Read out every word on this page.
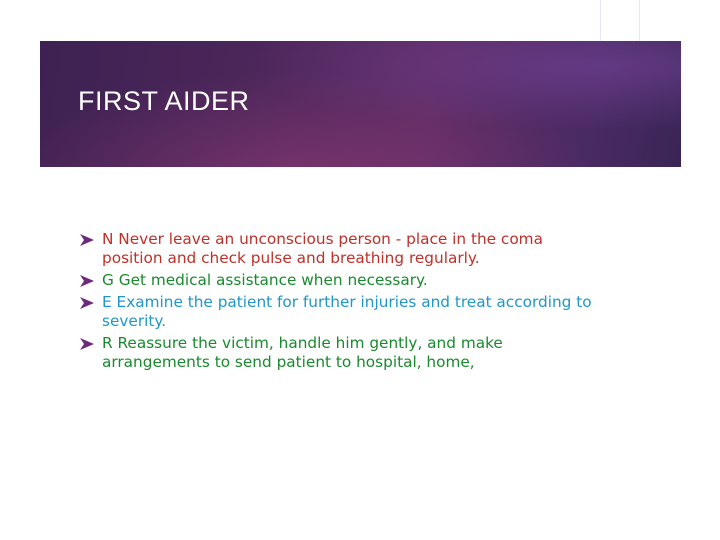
FIRST AIDER
N Never leave an unconscious person - place in the coma position and check pulse and breathing regularly.
G Get medical assistance when necessary.
E Examine the patient for further injuries and treat according to severity.
R Reassure the victim, handle him gently, and make arrangements to send patient to hospital, home,
